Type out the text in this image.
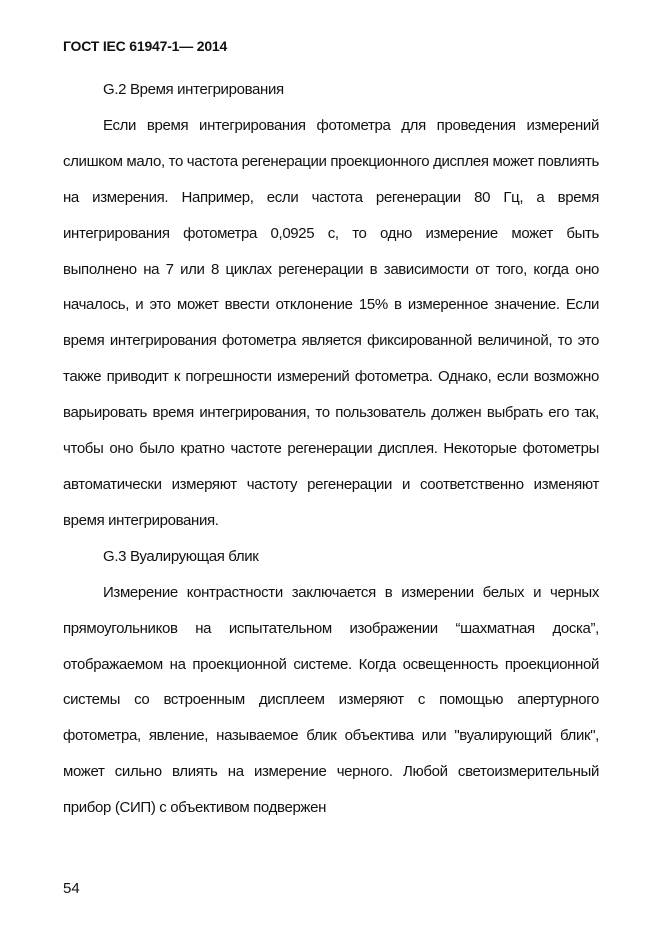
ГОСТ IEC 61947-1— 2014

G.2 Время интегрирования

Если время интегрирования фотометра для проведения измерений слишком мало, то частота регенерации проекционного дисплея может повлиять на измерения. Например, если частота регенерации 80 Гц, а время интегрирования фотометра 0,0925 с, то одно измерение может быть выполнено на 7 или 8 циклах регенерации в зависимости от того, когда оно началось, и это может ввести отклонение 15% в измеренное значение. Если время интегрирования фотометра является фиксированной величиной, то это также приводит к погрешности измерений фотометра. Однако, если возможно варьировать время интегрирования, то пользователь должен выбрать его так, чтобы оно было кратно частоте регенерации дисплея. Некоторые фотометры автоматически измеряют частоту регенерации и соответственно изменяют время интегрирования.

G.3 Вуалирующая блик

Измерение контрастности заключается в измерении белых и черных прямоугольников на испытательном изображении “шахматная доска”, отображаемом на проекционной системе. Когда освещенность проекционной системы со встроенным дисплеем измеряют с помощью апертурного фотометра, явление, называемое блик объектива или "вуалирующий блик", может сильно влиять на измерение черного. Любой светоизмерительный прибор (СИП) с объективом подвержен

54
